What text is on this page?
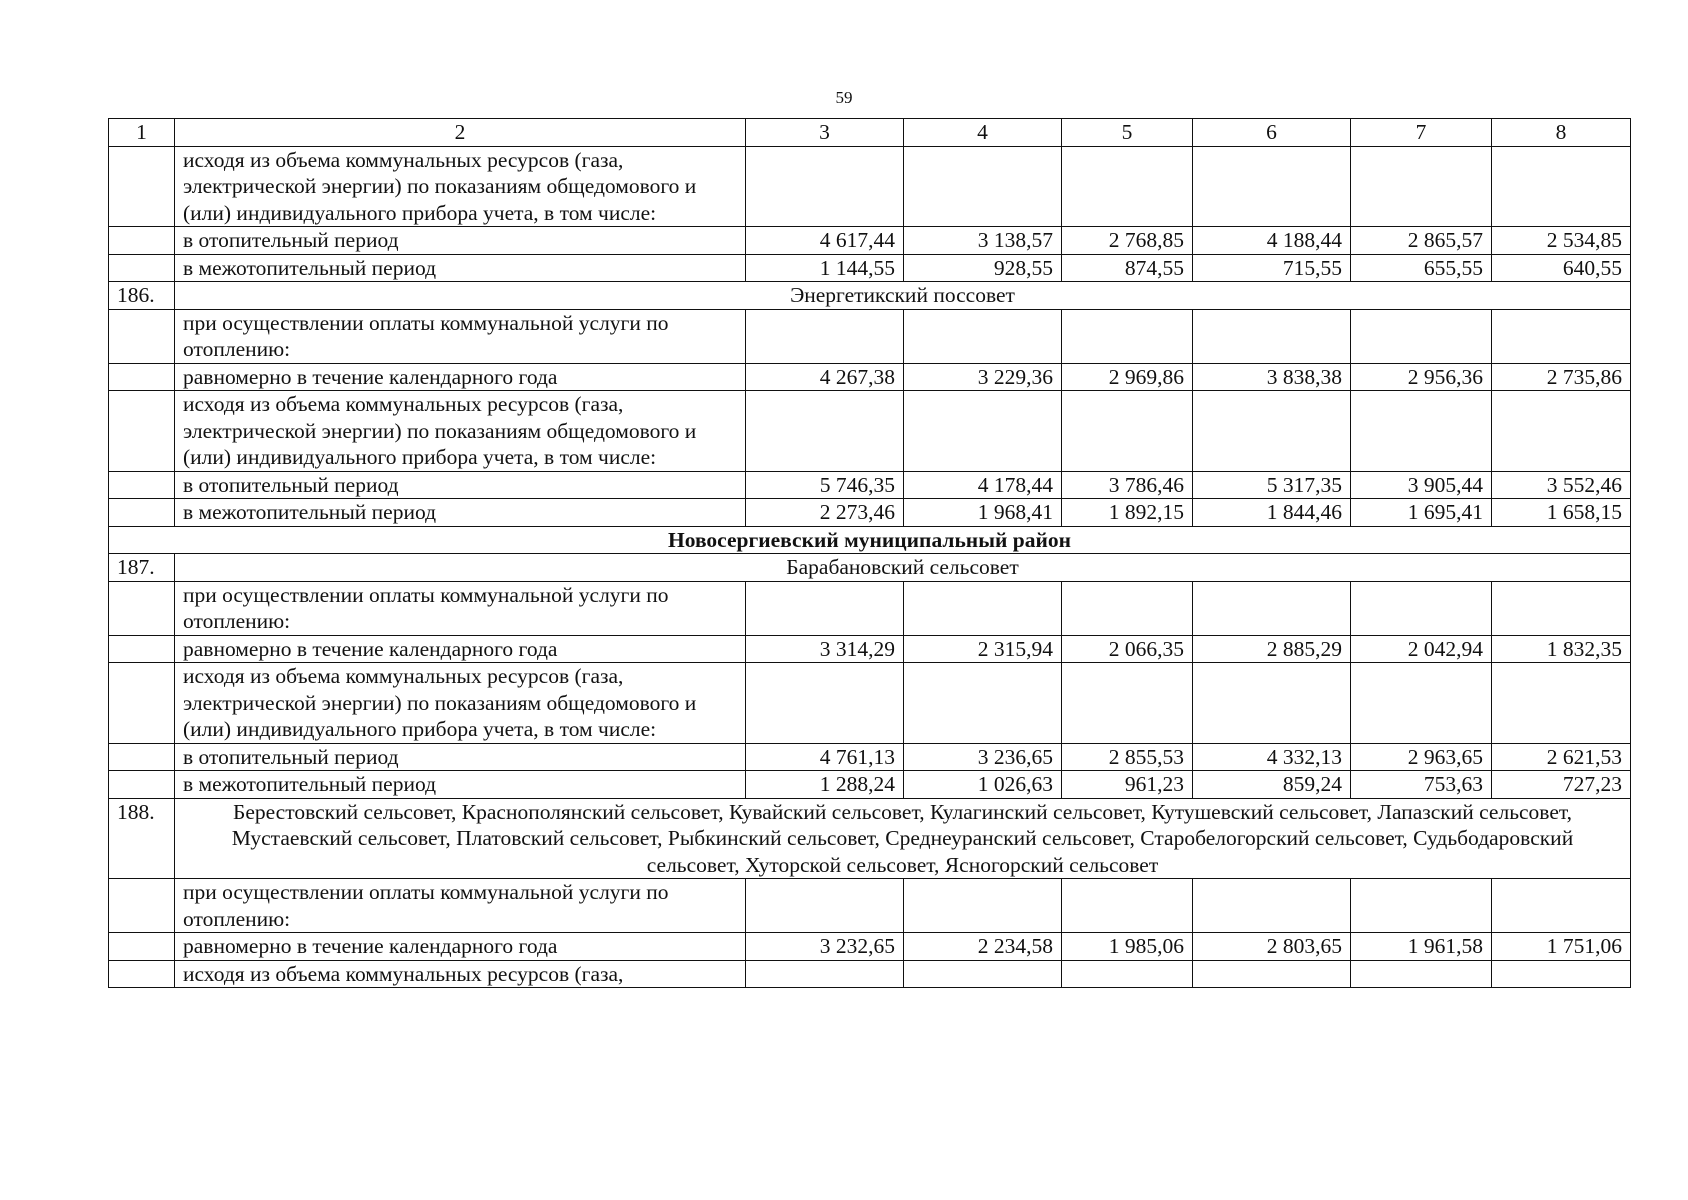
59
1	2	3	4	5	6	7	8
	исходя из объема коммунальных ресурсов (газа, электрической энергии) по показаниям общедомового и (или) индивидуального прибора учета, в том числе:						
	в отопительный период	4 617,44	3 138,57	2 768,85	4 188,44	2 865,57	2 534,85
	в межотопительный период	1 144,55	928,55	874,55	715,55	655,55	640,55
186.	Энергетикский поссовет						
	при осуществлении оплаты коммунальной услуги по отоплению:						
	равномерно в течение календарного года	4 267,38	3 229,36	2 969,86	3 838,38	2 956,36	2 735,86
	исходя из объема коммунальных ресурсов (газа, электрической энергии) по показаниям общедомового и (или) индивидуального прибора учета, в том числе:						
	в отопительный период	5 746,35	4 178,44	3 786,46	5 317,35	3 905,44	3 552,46
	в межотопительный период	2 273,46	1 968,41	1 892,15	1 844,46	1 695,41	1 658,15
Новосергиевский муниципальный район							
187.	Барабановский сельсовет						
	при осуществлении оплаты коммунальной услуги по отоплению:						
	равномерно в течение календарного года	3 314,29	2 315,94	2 066,35	2 885,29	2 042,94	1 832,35
	исходя из объема коммунальных ресурсов (газа, электрической энергии) по показаниям общедомового и (или) индивидуального прибора учета, в том числе:						
	в отопительный период	4 761,13	3 236,65	2 855,53	4 332,13	2 963,65	2 621,53
	в межотопительный период	1 288,24	1 026,63	961,23	859,24	753,63	727,23
188.	Берестовский сельсовет, Краснополянский сельсовет, Кувайский сельсовет, Кулагинский сельсовет, Кутушевский сельсовет, Лапазский сельсовет, Мустаевский сельсовет, Платовский сельсовет, Рыбкинский сельсовет, Среднеуранский сельсовет, Старобелогорский сельсовет, Судьбодаровский сельсовет, Хуторской сельсовет, Ясногорский сельсовет						
	при осуществлении оплаты коммунальной услуги по отоплению:						
	равномерно в течение календарного года	3 232,65	2 234,58	1 985,06	2 803,65	1 961,58	1 751,06
	исходя из объема коммунальных ресурсов (газа,						
